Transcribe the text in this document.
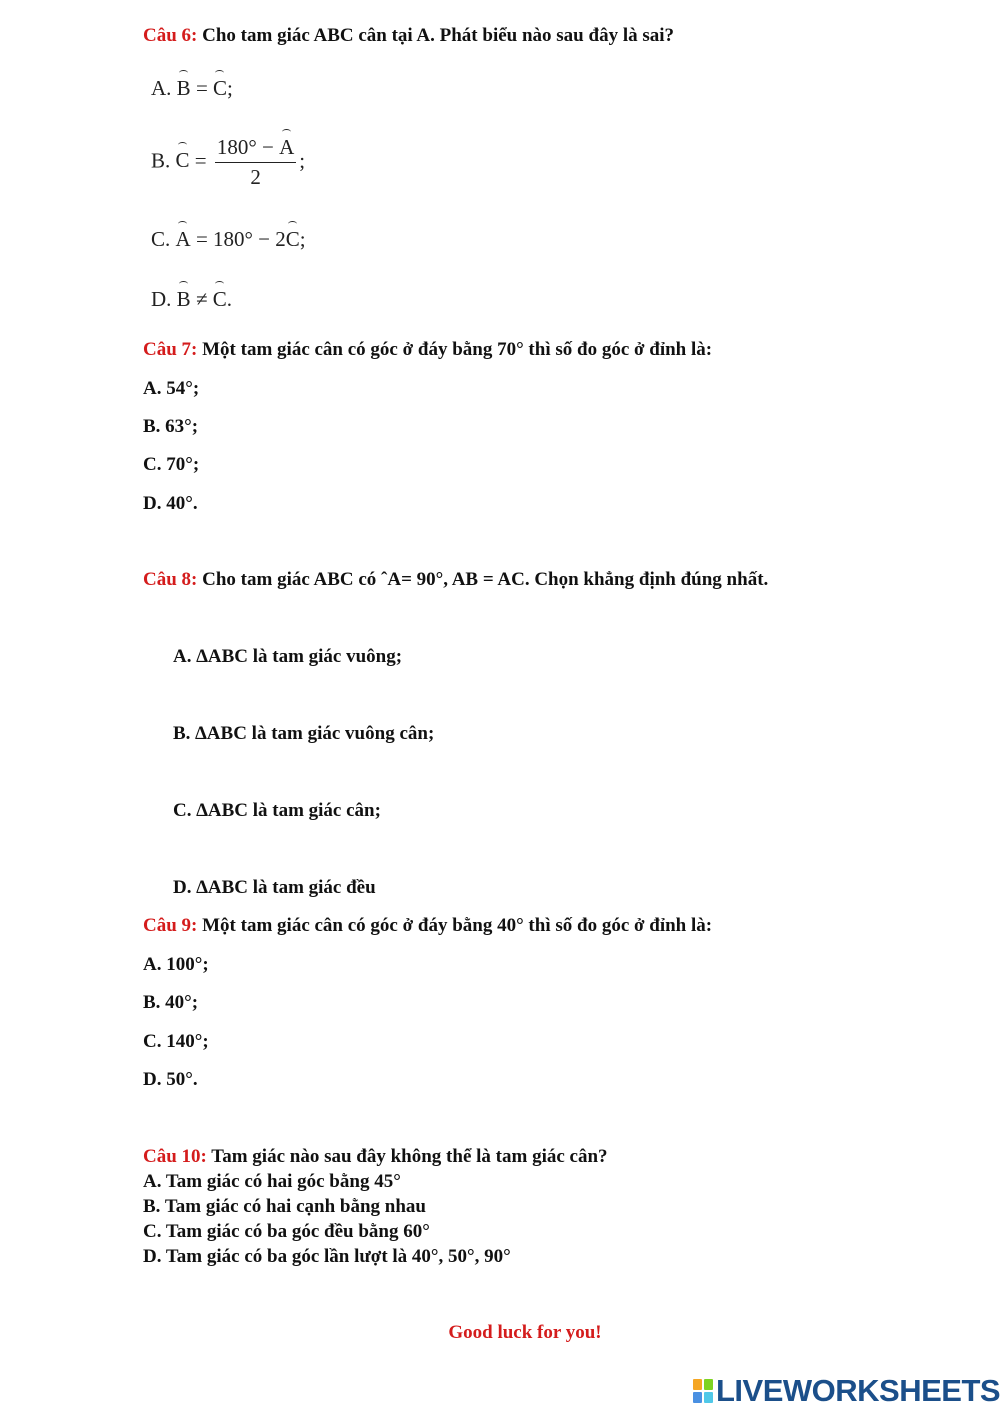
Câu 6: Cho tam giác ABC cân tại A. Phát biểu nào sau đây là sai?
A. B = C;
B. $C = \frac{180^\circ - A}{2}$ ;
C. A = 180° − 2C;
D. B ≠ C.
Câu 7: Một tam giác cân có góc ở đáy bằng 70° thì số đo góc ở đỉnh là:
A. 54°;
B. 63°;
C. 70°;
D. 40°.
Câu 8: Cho tam giác ABC có ˆA= 90°, AB = AC. Chọn khẳng định đúng nhất.
A. ∆ABC là tam giác vuông;
B. ∆ABC là tam giác vuông cân;
C. ∆ABC là tam giác cân;
D. ∆ABC là tam giác đều
Câu 9: Một tam giác cân có góc ở đáy bằng 40° thì số đo góc ở đỉnh là:
A. 100°;
B. 40°;
C. 140°;
D. 50°.
Câu 10: Tam giác nào sau đây không thể là tam giác cân?
A. Tam giác có hai góc bằng 45°
B. Tam giác có hai cạnh bằng nhau
C. Tam giác có ba góc đều bằng 60°
D. Tam giác có ba góc lần lượt là 40°, 50°, 90°
Good luck for you!
LIVEWORKSHEETS
